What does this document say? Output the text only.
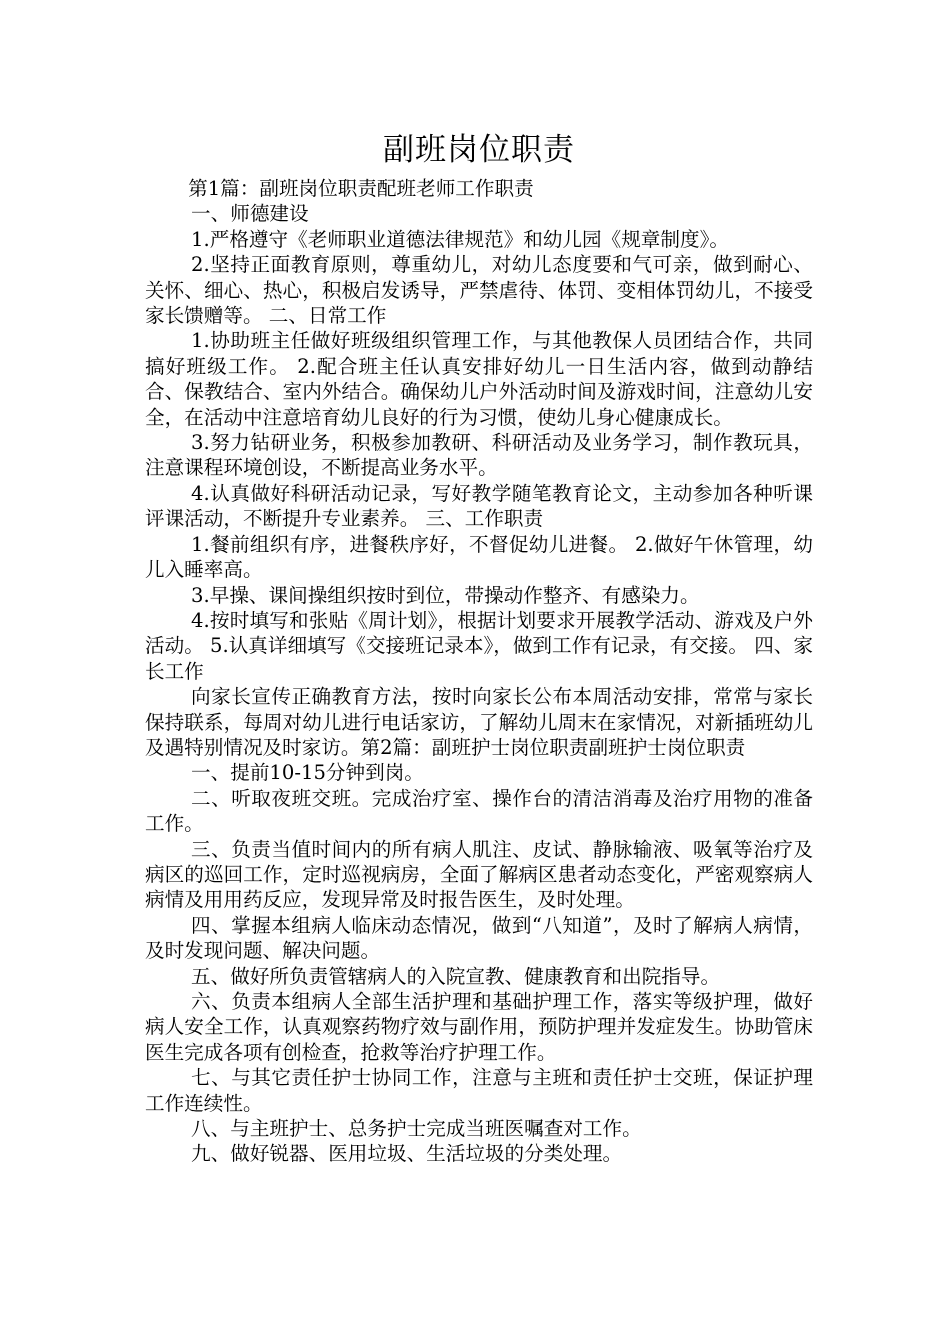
副班岗位职责

第1篇：副班岗位职责配班老师工作职责

一、师德建设

1.严格遵守《老师职业道德法律规范》和幼儿园《规章制度》。

2.坚持正面教育原则，尊重幼儿，对幼儿态度要和气可亲，做到耐心、关怀、细心、热心，积极启发诱导，严禁虐待、体罚、变相体罚幼儿，不接受家长馈赠等。 二、日常工作

1.协助班主任做好班级组织管理工作，与其他教保人员团结合作，共同搞好班级工作。 2.配合班主任认真安排好幼儿一日生活内容，做到动静结合、保教结合、室内外结合。确保幼儿户外活动时间及游戏时间，注意幼儿安全，在活动中注意培育幼儿良好的行为习惯，使幼儿身心健康成长。

3.努力钻研业务，积极参加教研、科研活动及业务学习，制作教玩具，注意课程环境创设，不断提高业务水平。

4.认真做好科研活动记录，写好教学随笔教育论文，主动参加各种听课评课活动，不断提升专业素养。 三、工作职责

1.餐前组织有序，进餐秩序好，不督促幼儿进餐。 2.做好午休管理，幼儿入睡率高。

3.早操、课间操组织按时到位，带操动作整齐、有感染力。

4.按时填写和张贴《周计划》，根据计划要求开展教学活动、游戏及户外活动。 5.认真详细填写《交接班记录本》，做到工作有记录，有交接。 四、家长工作

向家长宣传正确教育方法，按时向家长公布本周活动安排，常常与家长保持联系，每周对幼儿进行电话家访，了解幼儿周末在家情况，对新插班幼儿及遇特别情况及时家访。第2篇：副班护士岗位职责副班护士岗位职责

一、提前10-15分钟到岗。

二、听取夜班交班。完成治疗室、操作台的清洁消毒及治疗用物的准备工作。

三、负责当值时间内的所有病人肌注、皮试、静脉输液、吸氧等治疗及病区的巡回工作，定时巡视病房，全面了解病区患者动态变化，严密观察病人病情及用用药反应，发现异常及时报告医生，及时处理。

四、掌握本组病人临床动态情况，做到“八知道”，及时了解病人病情，及时发现问题、解决问题。

五、做好所负责管辖病人的入院宣教、健康教育和出院指导。

六、负责本组病人全部生活护理和基础护理工作，落实等级护理，做好病人安全工作，认真观察药物疗效与副作用，预防护理并发症发生。协助管床医生完成各项有创检查，抢救等治疗护理工作。

七、与其它责任护士协同工作，注意与主班和责任护士交班，保证护理工作连续性。

八、与主班护士、总务护士完成当班医嘱查对工作。

九、做好锐器、医用垃圾、生活垃圾的分类处理。
